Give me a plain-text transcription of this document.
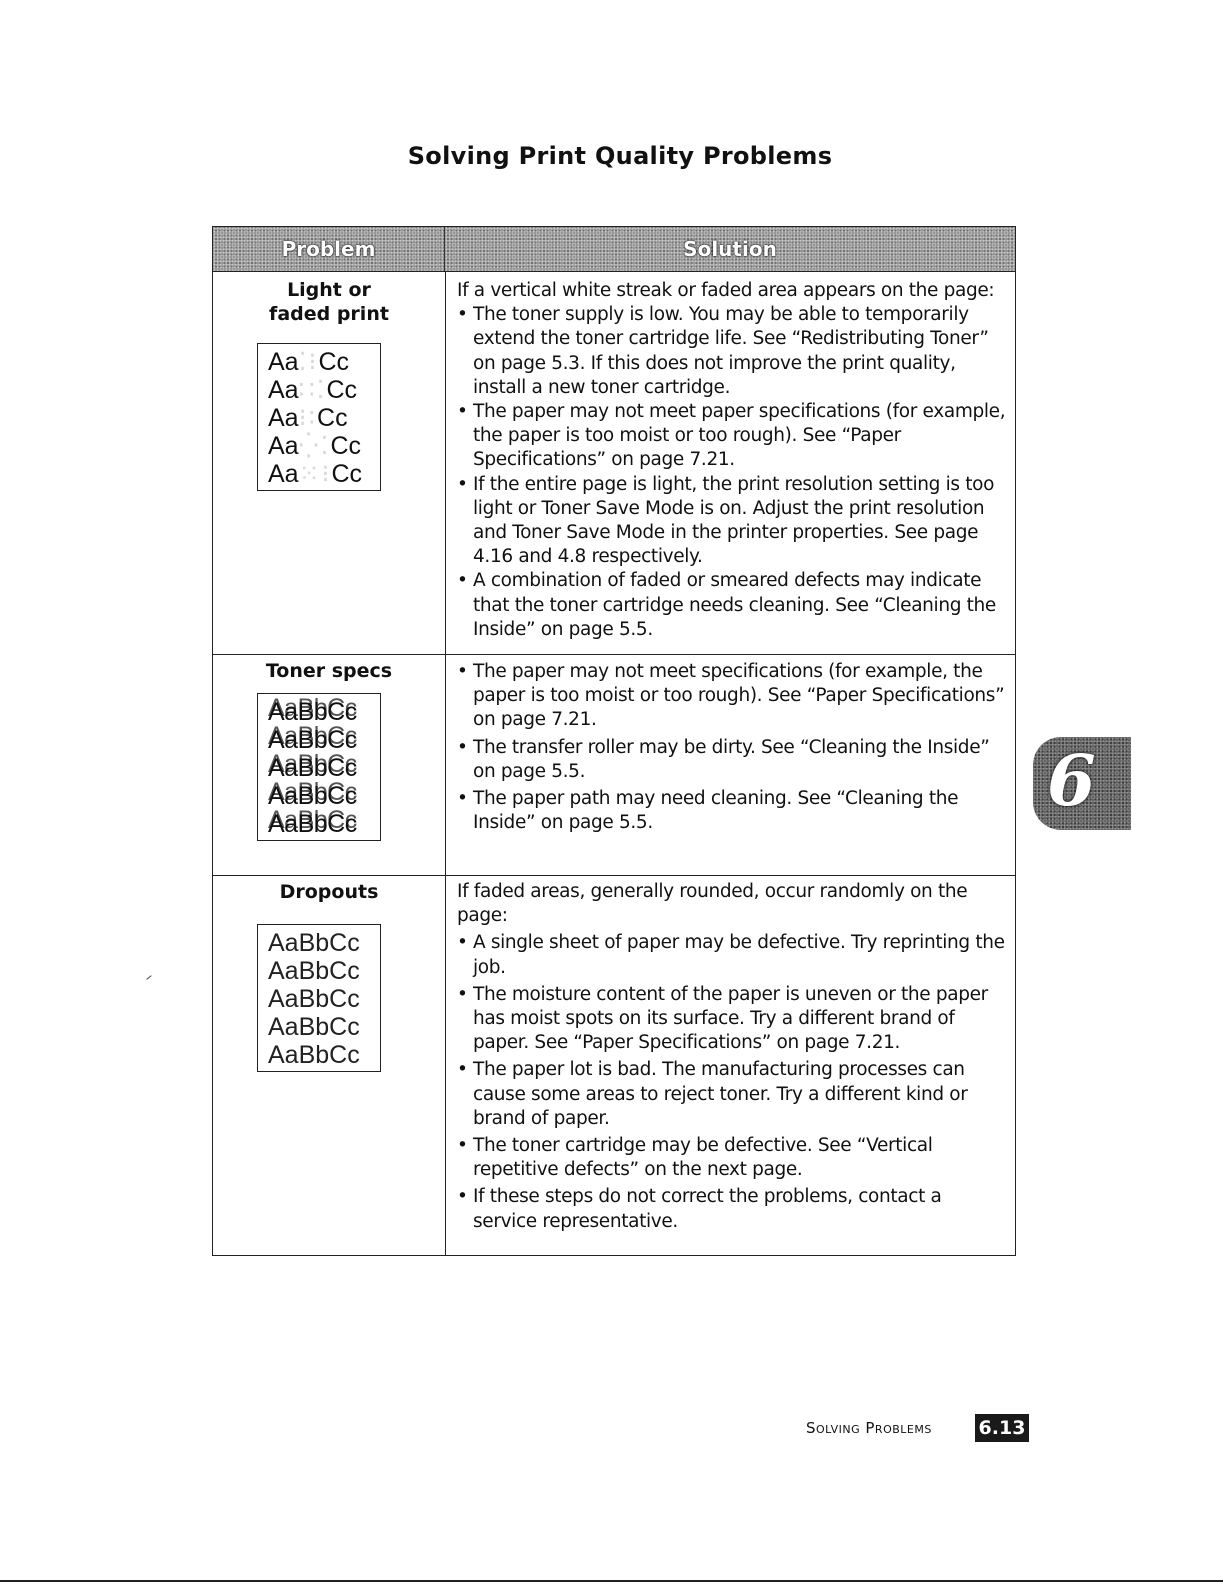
Solving Print Quality Problems
Problem	Solution
Light or faded print
Aa⁚⁝Cc
Aa∷⁚Cc
Aa⁝∶Cc
Aa⁛⁚Cc
Aa⁙⁝Cc

If a vertical white streak or faded area appears on the page:

• The toner supply is low. You may be able to temporarily extend the toner cartridge life. See “Redistributing Toner” on page 5.3. If this does not improve the print quality, install a new toner cartridge.
• The paper may not meet paper specifications (for example, the paper is too moist or too rough). See “Paper Specifications” on page 7.21.
• If the entire page is light, the print resolution setting is too light or Toner Save Mode is on. Adjust the print resolution and Toner Save Mode in the printer properties. See page 4.16 and 4.8 respectively.
• A combination of faded or smeared defects may indicate that the toner cartridge needs cleaning. See “Cleaning the Inside” on page 5.5.
Toner specs
AaBbCc
AaBbCc
AaBbCc
AaBbCc
AaBbCc
• The paper may not meet specifications (for example, the paper is too moist or too rough). See “Paper Specifications” on page 7.21.
• The transfer roller may be dirty. See “Cleaning the Inside” on page 5.5.
• The paper path may need cleaning. See “Cleaning the Inside” on page 5.5.
Dropouts
AaBbCc
AaBbCc
AaBbCc
AaBbCc
AaBbCc

If faded areas, generally rounded, occur randomly on the page:

• A single sheet of paper may be defective. Try reprinting the job.
• The moisture content of the paper is uneven or the paper has moist spots on its surface. Try a different brand of paper. See “Paper Specifications” on page 7.21.
• The paper lot is bad. The manufacturing processes can cause some areas to reject toner. Try a different kind or brand of paper.
• The toner cartridge may be defective. See “Vertical repetitive defects” on the next page.
• If these steps do not correct the problems, contact a service representative.
6
Solving Problems 6.13
